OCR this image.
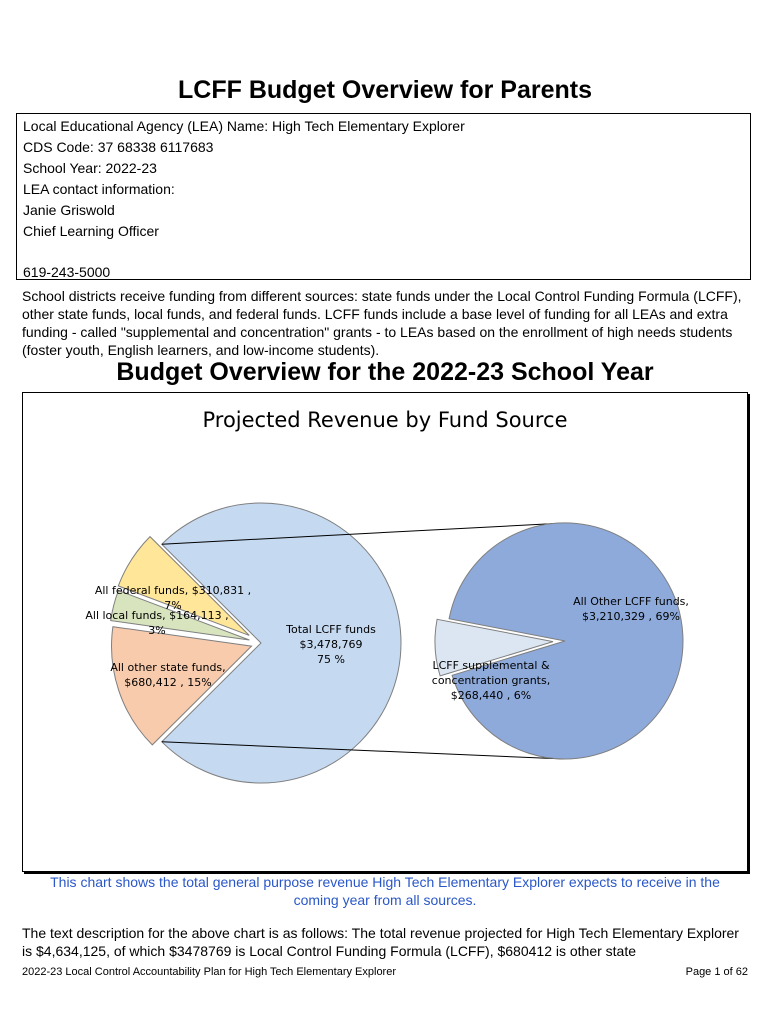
LCFF Budget Overview for Parents
Local Educational Agency (LEA) Name: High Tech Elementary Explorer
CDS Code: 37 68338 6117683
School Year: 2022-23
LEA contact information:
Janie Griswold
Chief Learning Officer
619-243-5000
School districts receive funding from different sources: state funds under the Local Control Funding Formula (LCFF), other state funds, local funds, and federal funds. LCFF funds include a base level of funding for all LEAs and extra funding - called "supplemental and concentration" grants - to LEAs based on the enrollment of high needs students (foster youth, English learners, and low-income students).
Budget Overview for the 2022-23 School Year
Projected Revenue by Fund Source
Total LCFF funds $3,478,769 75 %
All other state funds, $680,412 , 15%
All local funds, $164,113 , 3%
All federal funds, $310,831 , 7%	All Other LCFF funds, $3,210,329 , 69%
LCFF supplemental & concentration grants, $268,440 , 6%
This chart shows the total general purpose revenue High Tech Elementary Explorer expects to receive in the coming year from all sources.
The text description for the above chart is as follows: The total revenue projected for High Tech Elementary Explorer is $4,634,125, of which $3478769 is Local Control Funding Formula (LCFF), $680412 is other state
2022-23 Local Control Accountability Plan for High Tech Elementary Explorer	Page 1 of 62
